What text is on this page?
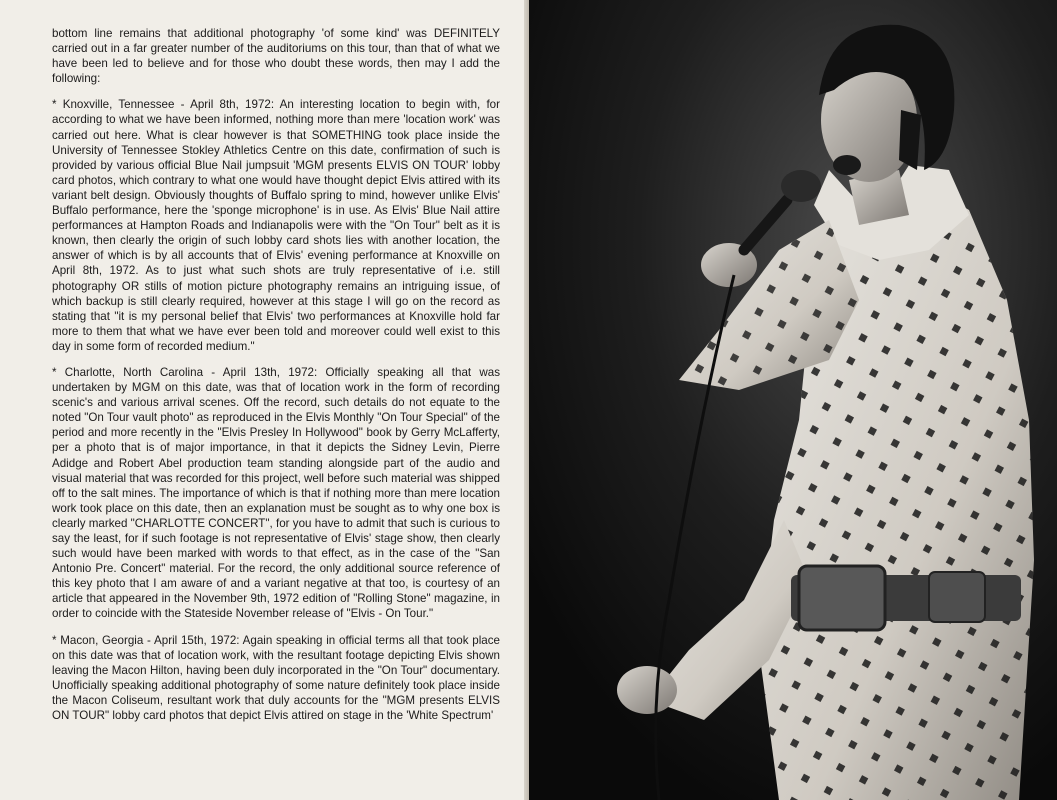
bottom line remains that additional photography 'of some kind' was DEFINITELY carried out in a far greater number of the auditoriums on this tour, than that of what we have been led to believe and for those who doubt these words, then may I add the following:

* Knoxville, Tennessee - April 8th, 1972: An interesting location to begin with, for according to what we have been informed, nothing more than mere 'location work' was carried out here. What is clear however is that SOMETHING took place inside the University of Tennessee Stokley Athletics Centre on this date, confirmation of such is provided by various official Blue Nail jumpsuit 'MGM presents ELVIS ON TOUR' lobby card photos, which contrary to what one would have thought depict Elvis attired with its variant belt design. Obviously thoughts of Buffalo spring to mind, however unlike Elvis' Buffalo performance, here the 'sponge microphone' is in use. As Elvis' Blue Nail attire performances at Hampton Roads and Indianapolis were with the "On Tour" belt as it is known, then clearly the origin of such lobby card shots lies with another location, the answer of which is by all accounts that of Elvis' evening performance at Knoxville on April 8th, 1972. As to just what such shots are truly representative of i.e. still photography OR stills of motion picture photography remains an intriguing issue, of which backup is still clearly required, however at this stage I will go on the record as stating that "it is my personal belief that Elvis' two performances at Knoxville hold far more to them that what we have ever been told and moreover could well exist to this day in some form of recorded medium."

* Charlotte, North Carolina - April 13th, 1972: Officially speaking all that was undertaken by MGM on this date, was that of location work in the form of recording scenic's and various arrival scenes. Off the record, such details do not equate to the noted "On Tour vault photo" as reproduced in the Elvis Monthly "On Tour Special" of the period and more recently in the "Elvis Presley In Hollywood" book by Gerry McLafferty, per a photo that is of major importance, in that it depicts the Sidney Levin, Pierre Adidge and Robert Abel production team standing alongside part of the audio and visual material that was recorded for this project, well before such material was shipped off to the salt mines. The importance of which is that if nothing more than mere location work took place on this date, then an explanation must be sought as to why one box is clearly marked "CHARLOTTE CONCERT", for you have to admit that such is curious to say the least, for if such footage is not representative of Elvis' stage show, then clearly such would have been marked with words to that effect, as in the case of the "San Antonio Pre. Concert" material. For the record, the only additional source reference of this key photo that I am aware of and a variant negative at that too, is courtesy of an article that appeared in the November 9th, 1972 edition of "Rolling Stone" magazine, in order to coincide with the Stateside November release of "Elvis - On Tour."

* Macon, Georgia - April 15th, 1972: Again speaking in official terms all that took place on this date was that of location work, with the resultant footage depicting Elvis shown leaving the Macon Hilton, having been duly incorporated in the "On Tour" documentary. Unofficially speaking additional photography of some nature definitely took place inside the Macon Coliseum, resultant work that duly accounts for the "MGM presents ELVIS ON TOUR" lobby card photos that depict Elvis attired on stage in the 'White Spectrum'
